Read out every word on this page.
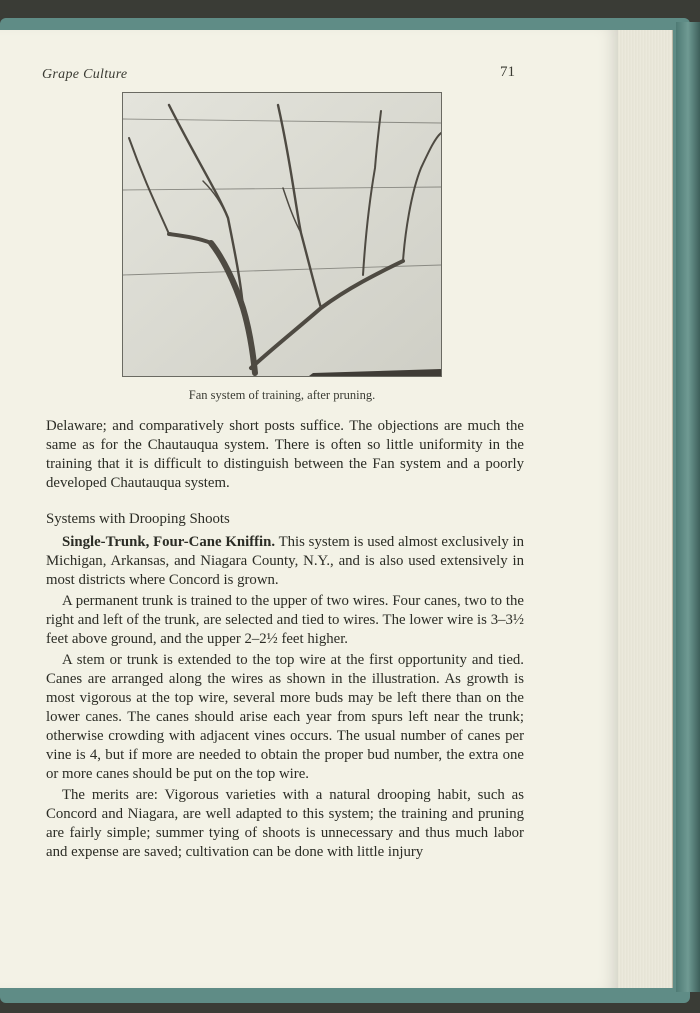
Grape Culture	71
Fan system of training, after pruning.

Delaware; and comparatively short posts suffice. The objections are much the same as for the Chautauqua system. There is often so little uniformity in the training that it is difficult to distinguish between the Fan system and a poorly developed Chautauqua system.

Systems with Drooping Shoots

Single-Trunk, Four-Cane Kniffin. This system is used almost exclusively in Michigan, Arkansas, and Niagara County, N.Y., and is also used extensively in most districts where Concord is grown.

A permanent trunk is trained to the upper of two wires. Four canes, two to the right and left of the trunk, are selected and tied to wires. The lower wire is 3–3½ feet above ground, and the upper 2–2½ feet higher.

A stem or trunk is extended to the top wire at the first opportunity and tied. Canes are arranged along the wires as shown in the illustration. As growth is most vigorous at the top wire, several more buds may be left there than on the lower canes. The canes should arise each year from spurs left near the trunk; otherwise crowding with adjacent vines occurs. The usual number of canes per vine is 4, but if more are needed to obtain the proper bud number, the extra one or more canes should be put on the top wire.

The merits are: Vigorous varieties with a natural drooping habit, such as Concord and Niagara, are well adapted to this system; the training and pruning are fairly simple; summer tying of shoots is unnecessary and thus much labor and expense are saved; cultivation can be done with little injury
